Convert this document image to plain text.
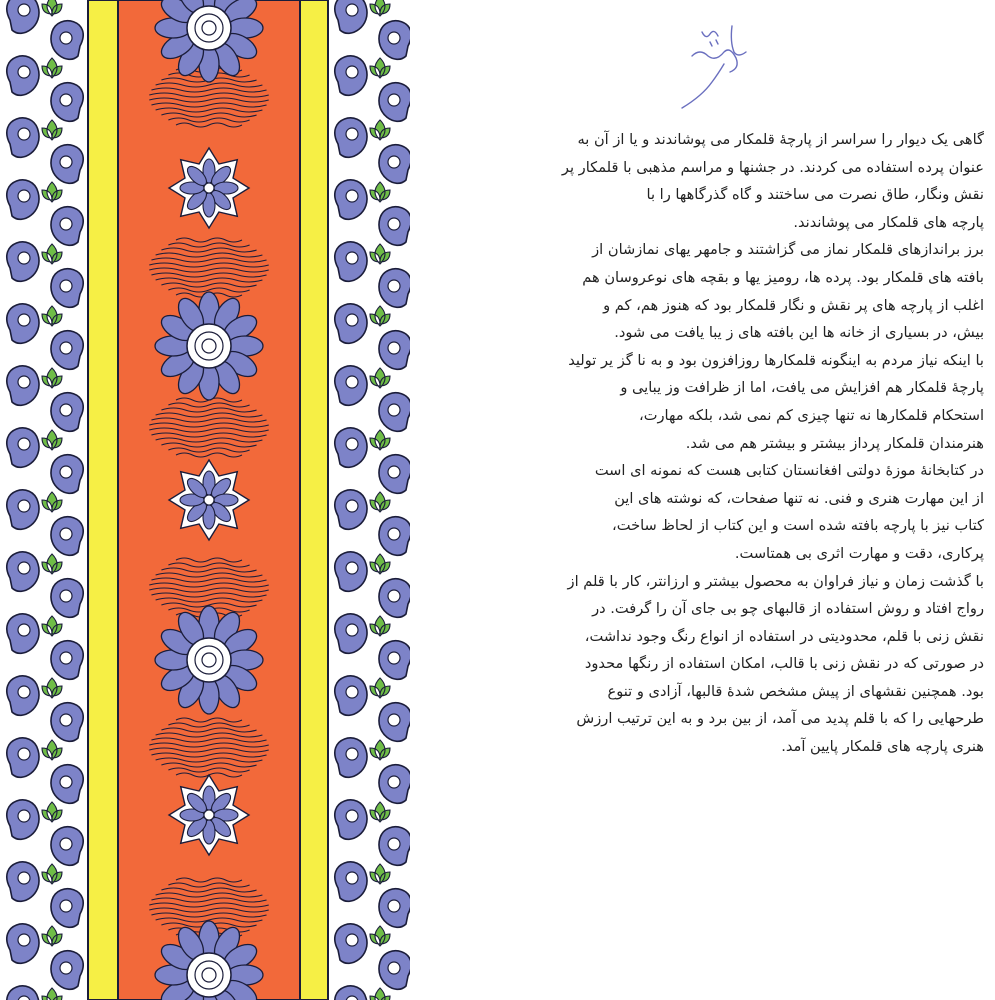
گاهی یک دیوار را سراسر از پارچهٔ قلمکار می پوشاندند و یا از آن به
عنوان پرده استفاده می کردند. در جشنها و مراسم مذهبی با قلمکار پر
نقش ونگار، طاق نصرت می ساختند و گاه گذرگاهها را با
پارچه های قلمکار می پوشاندند.

برز براندازهای قلمکار نماز می گزاشتند و جامهر یهای نمازشان از
بافته های قلمکار بود. پرده ها، رومیز یها و بقچه های نوعروسان هم
اغلب از پارچه های پر نقش و نگار قلمکار بود که هنوز هم، کم و
بیش، در بسیاری از خانه ها این بافته های ز یبا یافت می شود.

با اینکه نیاز مردم به اینگونه قلمکارها روزافزون بود و به نا گز یر تولید
پارچهٔ قلمکار هم افزایش می یافت، اما از ظرافت وز یبایی و
استحکام قلمکارها نه تنها چیزی کم نمی شد، بلکه مهارت،
هنرمندان قلمکار پرداز بیشتر و بیشتر هم می شد.

در کتابخانهٔ موزهٔ دولتی افغانستان کتابی هست که نمونه ای است
از این مهارت هنری و فنی. نه تنها صفحات، که نوشته های این
کتاب نیز با پارچه بافته شده است و این کتاب از لحاظ ساخت،
پرکاری، دقت و مهارت اثری بی همتاست.

با گذشت زمان و نیاز فراوان به محصول بیشتر و ارزانتر، کار با قلم از
رواج افتاد و روش استفاده از قالبهای چو بی جای آن را گرفت. در
نقش زنی با قلم، محدودیتی در استفاده از انواع رنگ وجود نداشت،
در صورتی که در نقش زنی با قالب، امکان استفاده از رنگها محدود
بود. همچنین نقشهای از پیش مشخص شدهٔ قالبها، آزادی و تنوع
طرحهایی را که با قلم پدید می آمد، از بین برد و به این ترتیب ارزش
هنری پارچه های قلمکار پایین آمد.
